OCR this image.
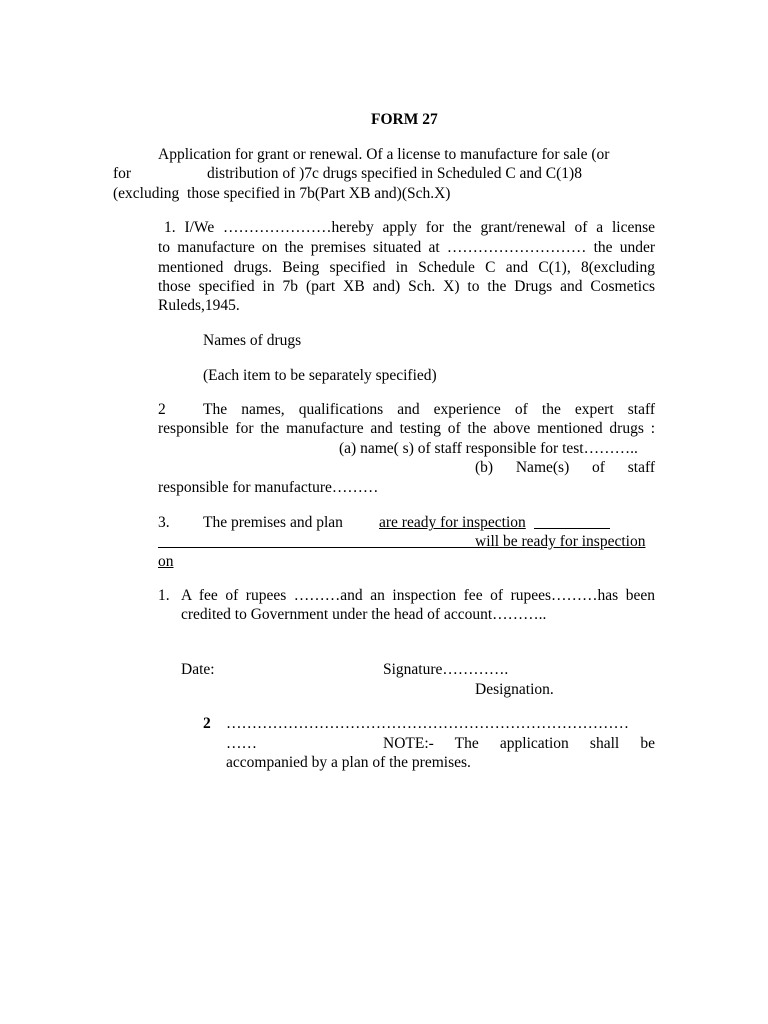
FORM 27
Application for grant or renewal. Of a license to manufacture for sale (or
for	distribution of )7c drugs specified in Scheduled C and C(1)8
(excluding  those specified in 7b(Part XB and)(Sch.X)
1. I/We …………………hereby apply for the grant/renewal of a license
to manufacture on the premises situated at ……………………… the under
mentioned drugs. Being specified in Schedule C and C(1), 8(excluding
those specified in 7b (part XB and) Sch. X) to the Drugs and Cosmetics
Ruleds,1945.
Names of drugs
(Each item to be separately specified)
2 The names, qualifications and experience of the expert staff
responsible for the manufacture and testing of the above mentioned drugs :
(a) name( s) of staff responsible for test………..
(b) Name(s) of staff
responsible for manufacture………
3. The premises and plan are ready for inspection
will be ready for inspection
on
1. A fee of rupees ………and an inspection fee of rupees………has been
credited to Government under the head of account………..
Date:	Signature………….
Designation.
2 ……………………………………………………………………
……	NOTE:- The application shall be
accompanied by a plan of the premises.
